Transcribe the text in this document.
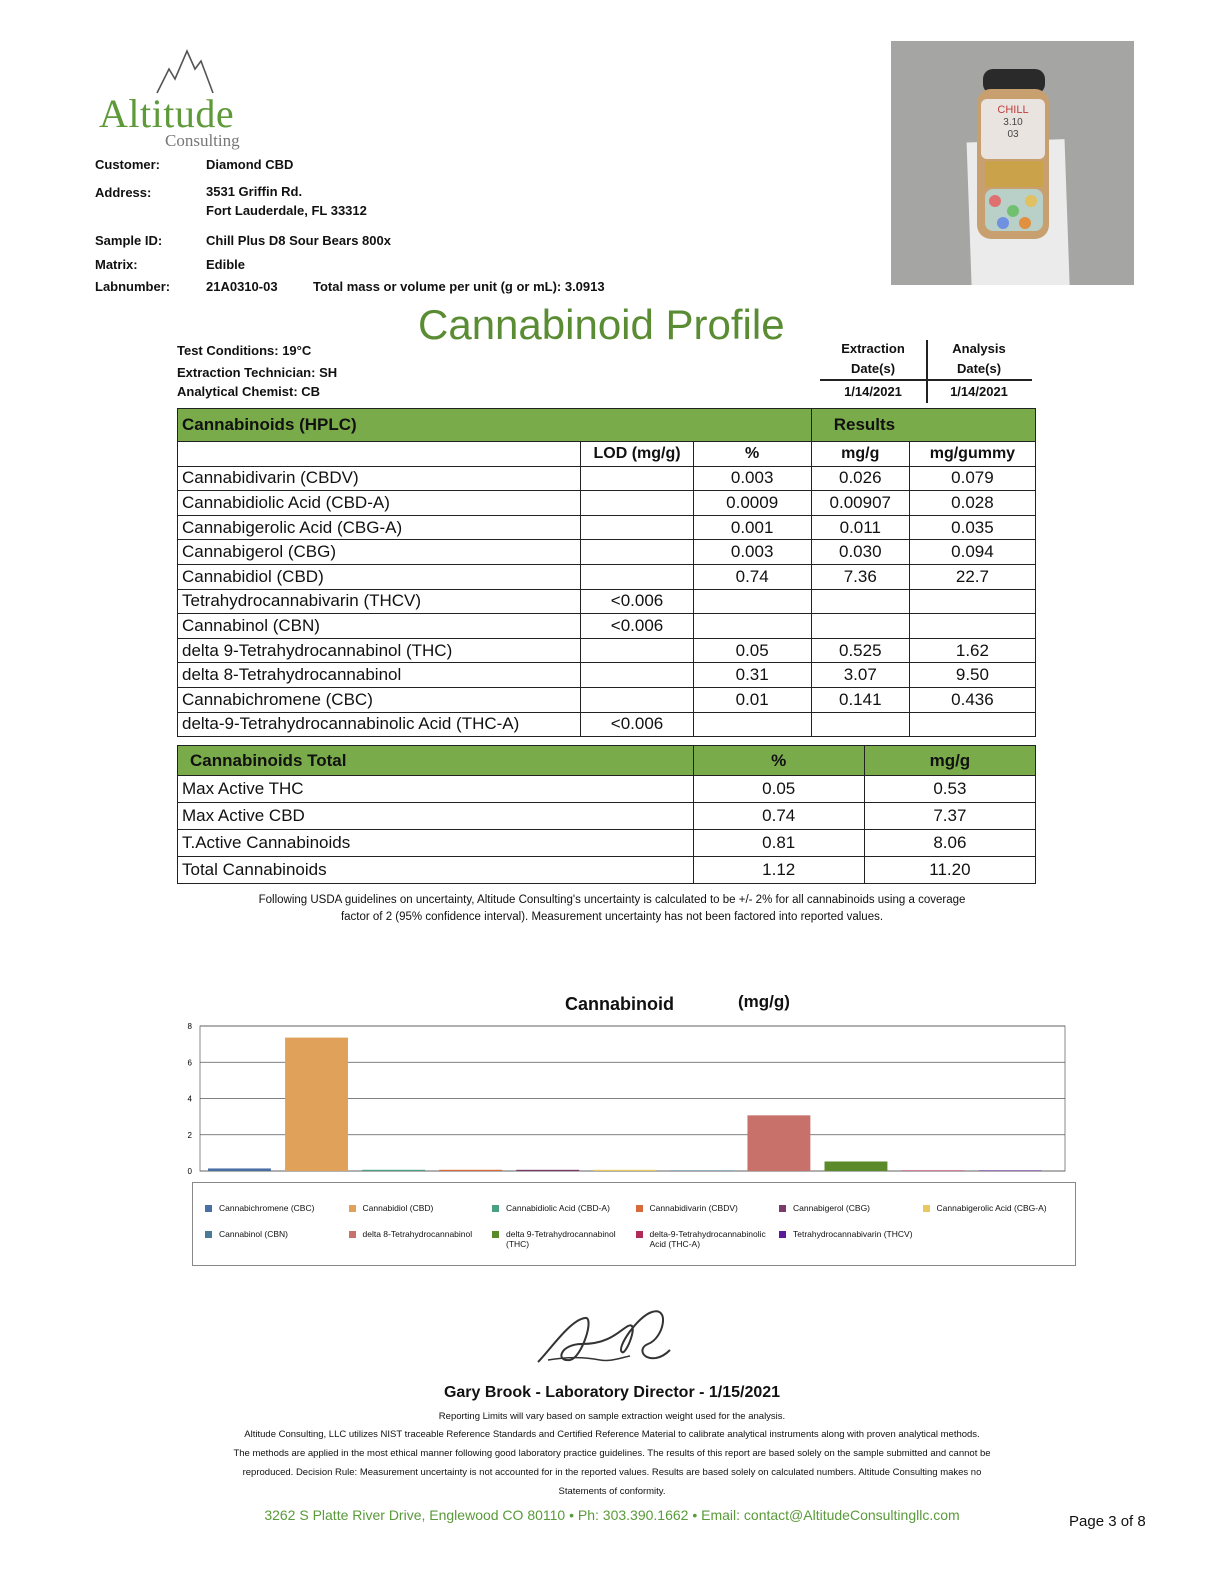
Altitude
Consulting
CHILL
3.10
03
Customer:	Diamond CBD
Address:	3531 Griffin Rd.
Fort Lauderdale, FL 33312
Sample ID:	Chill Plus D8 Sour Bears 800x
Matrix:	Edible
Labnumber:	21A0310-03	Total mass or volume per unit (g or mL): 3.0913
Cannabinoid Profile
Test Conditions: 19°C
Extraction Technician: SH
Analytical Chemist: CB
Extraction
Date(s)
1/14/2021
Analysis
Date(s)
1/14/2021
Cannabinoids (HPLC)			Results	
	LOD (mg/g)	%	mg/g	mg/gummy
Cannabidivarin (CBDV)		0.003	0.026	0.079
Cannabidiolic Acid (CBD-A)		0.0009	0.00907	0.028
Cannabigerolic Acid (CBG-A)		0.001	0.011	0.035
Cannabigerol (CBG)		0.003	0.030	0.094
Cannabidiol (CBD)		0.74	7.36	22.7
Tetrahydrocannabivarin (THCV)	<0.006			
Cannabinol (CBN)	<0.006			
delta 9-Tetrahydrocannabinol (THC)		0.05	0.525	1.62
delta 8-Tetrahydrocannabinol		0.31	3.07	9.50
Cannabichromene (CBC)		0.01	0.141	0.436
delta-9-Tetrahydrocannabinolic Acid (THC-A)	<0.006			
Cannabinoids Total	%	mg/g
Max Active THC	0.05	0.53
Max Active CBD	0.74	7.37
T.Active Cannabinoids	0.81	8.06
Total Cannabinoids	1.12	11.20
Following USDA guidelines on uncertainty, Altitude Consulting's uncertainty is calculated to be +/- 2% for all cannabinoids using a coverage
factor of 2 (95% confidence interval). Measurement uncertainty has not been factored into reported values.
Cannabinoid	(mg/g)
0
2
4
6
8
Cannabichromene (CBC)	Cannabidiol (CBD)	Cannabidiolic Acid (CBD-A)	Cannabidivarin (CBDV)	Cannabigerol (CBG)	Cannabigerolic Acid (CBG-A)
Cannabinol (CBN)	delta 8-Tetrahydrocannabinol	delta 9-Tetrahydrocannabinol (THC)
delta-9-Tetrahydrocannabinolic Acid (THC-A)
Tetrahydrocannabivarin (THCV)
Gary Brook - Laboratory Director - 1/15/2021
Reporting Limits will vary based on sample extraction weight used for the analysis.
Altitude Consulting, LLC utilizes NIST traceable Reference Standards and Certified Reference Material to calibrate analytical instruments along with proven analytical methods.
The methods are applied in the most ethical manner following good laboratory practice guidelines. The results of this report are based solely on the sample submitted and cannot be
reproduced. Decision Rule: Measurement uncertainty is not accounted for in the reported values. Results are based solely on calculated numbers. Altitude Consulting makes no
Statements of conformity.
3262 S Platte River Drive, Englewood CO 80110 • Ph: 303.390.1662 • Email: contact@AltitudeConsultingllc.com	Page 3 of 8
